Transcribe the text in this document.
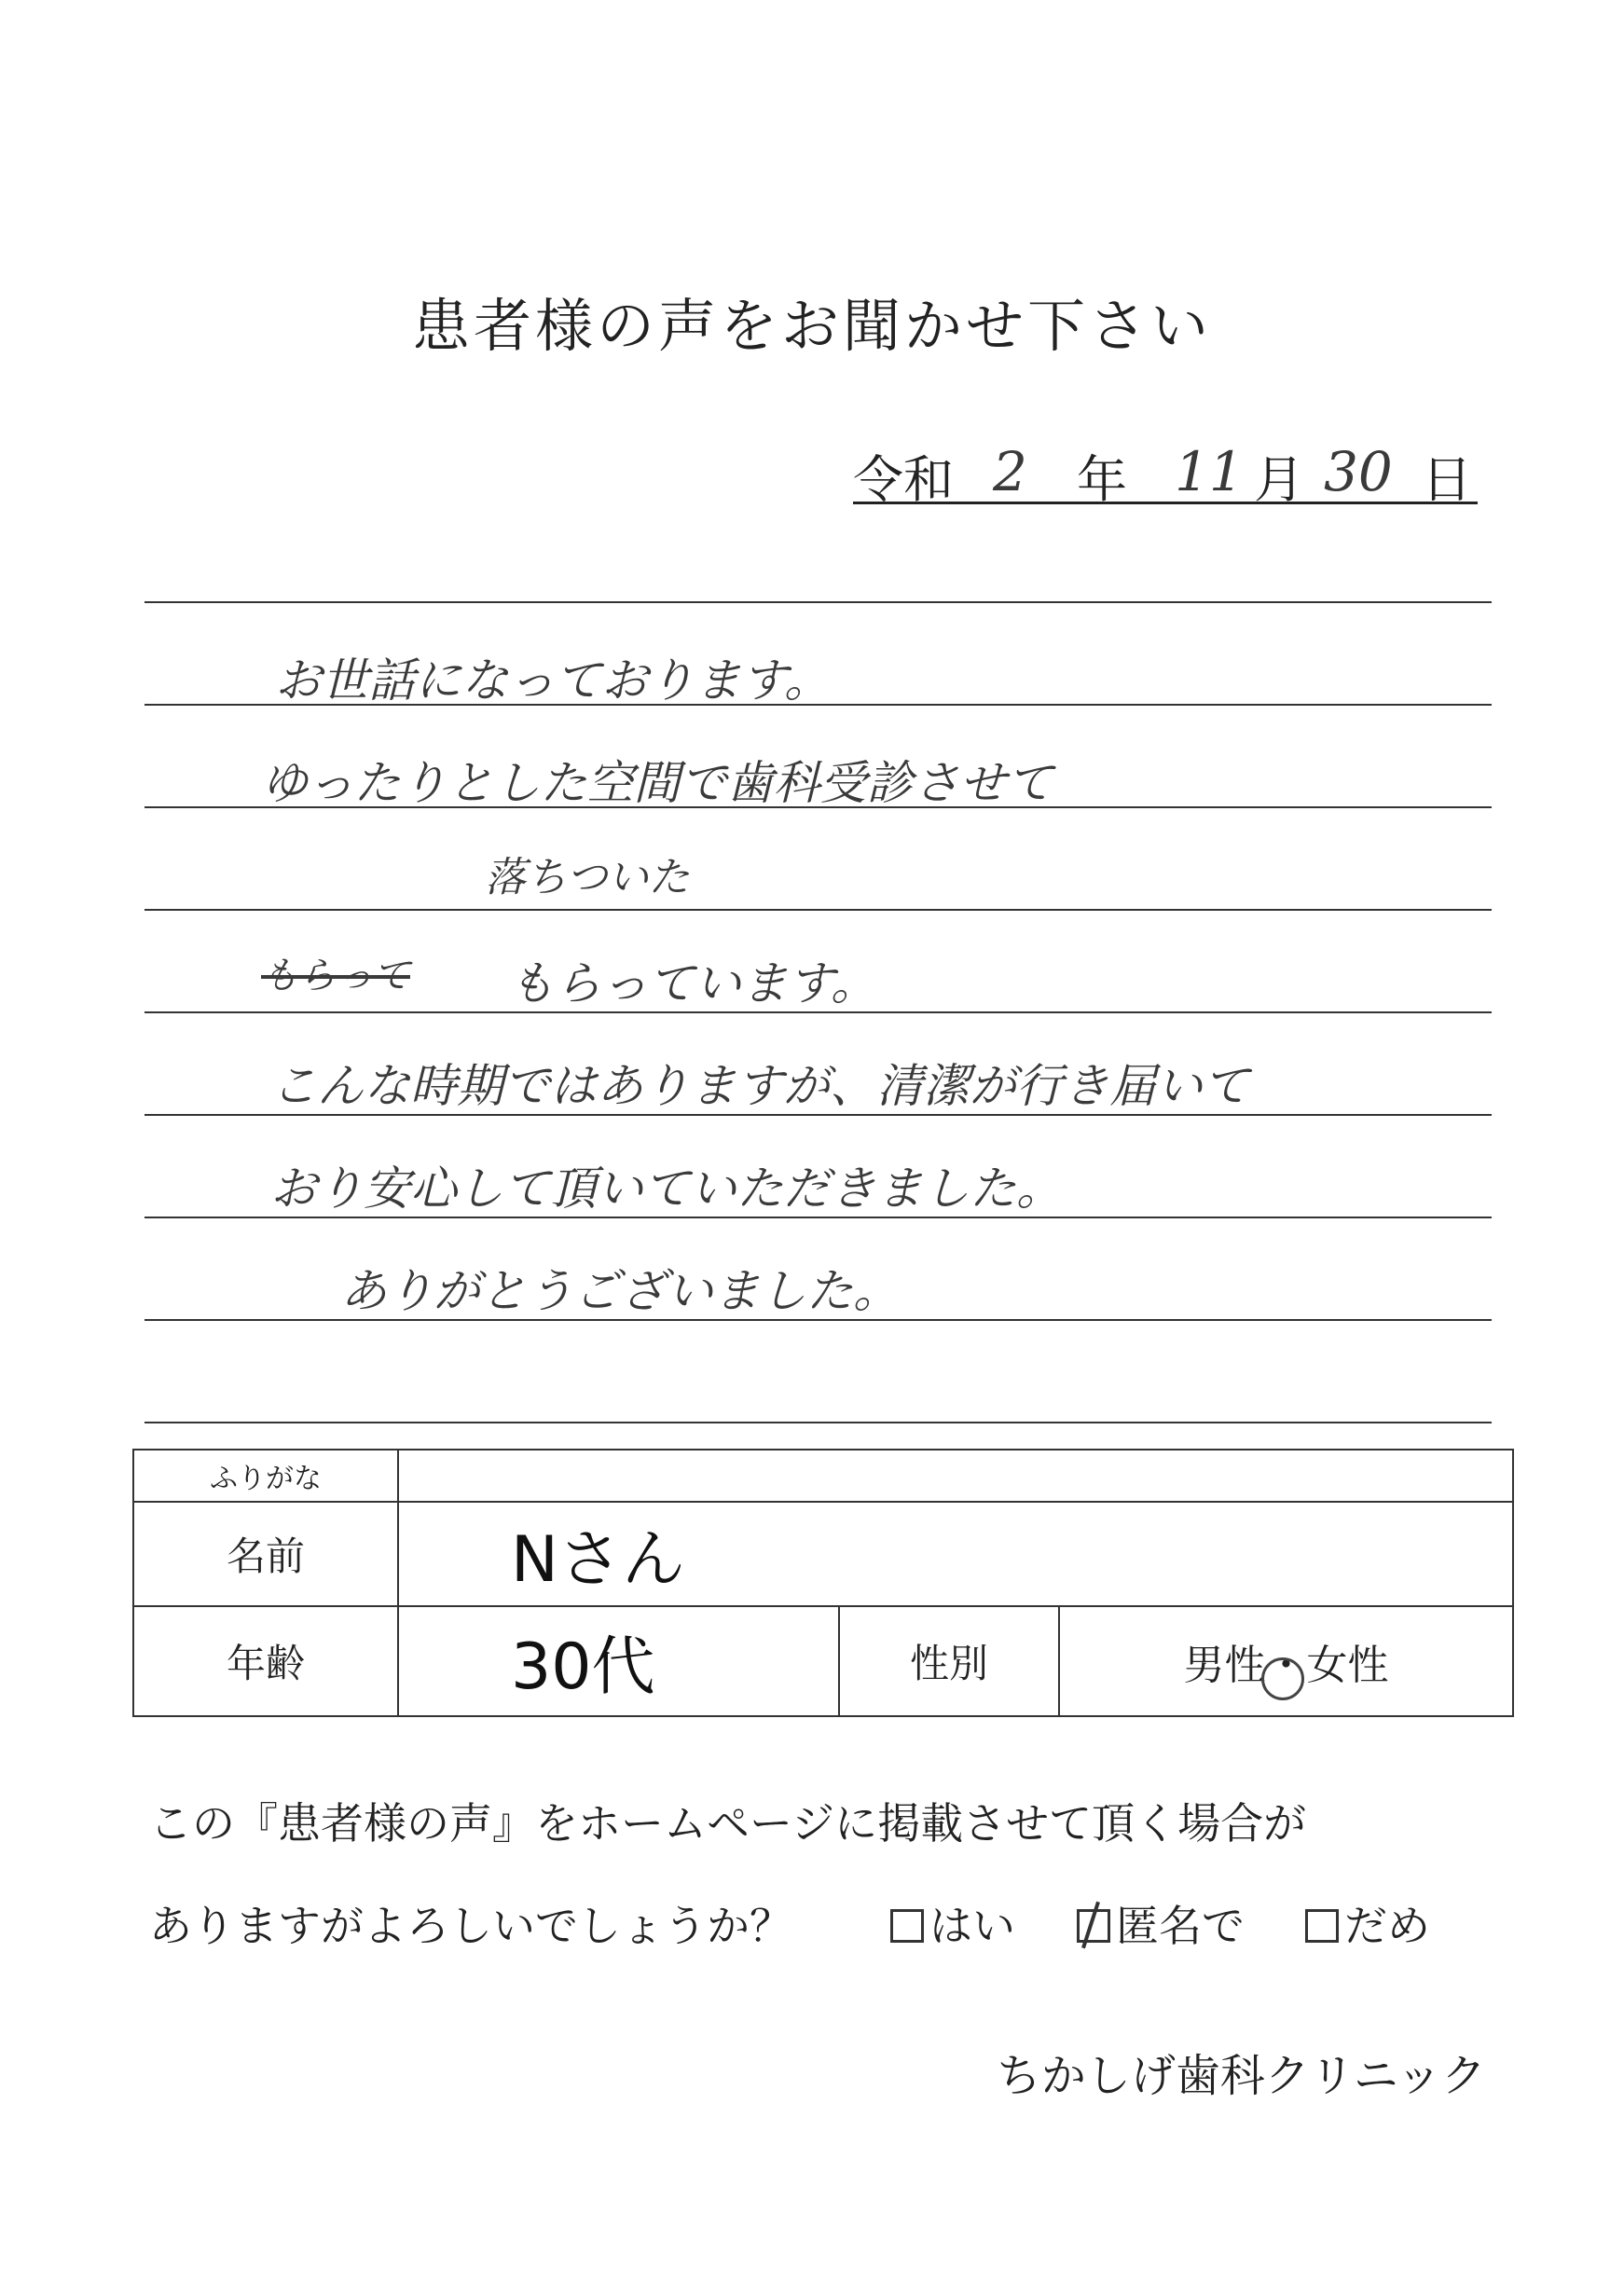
患者様の声をお聞かせ下さい
令和 2 年 11 月 30 日
お世話になっております。
ゆったりとした空間で歯科受診させて
落ちついた
もらって もらっています。
こんな時期ではありますが、清潔が行き届いて
おり安心して頂いていただきました。
ありがとうございました。
ふりがな			
名前	Nさん		
年齢	30代	性別	男性・女性
この『患者様の声』をホームページに掲載させて頂く場合が
ありますがよろしいでしょうか？	はい	匿名で	だめ
ちかしげ歯科クリニック
